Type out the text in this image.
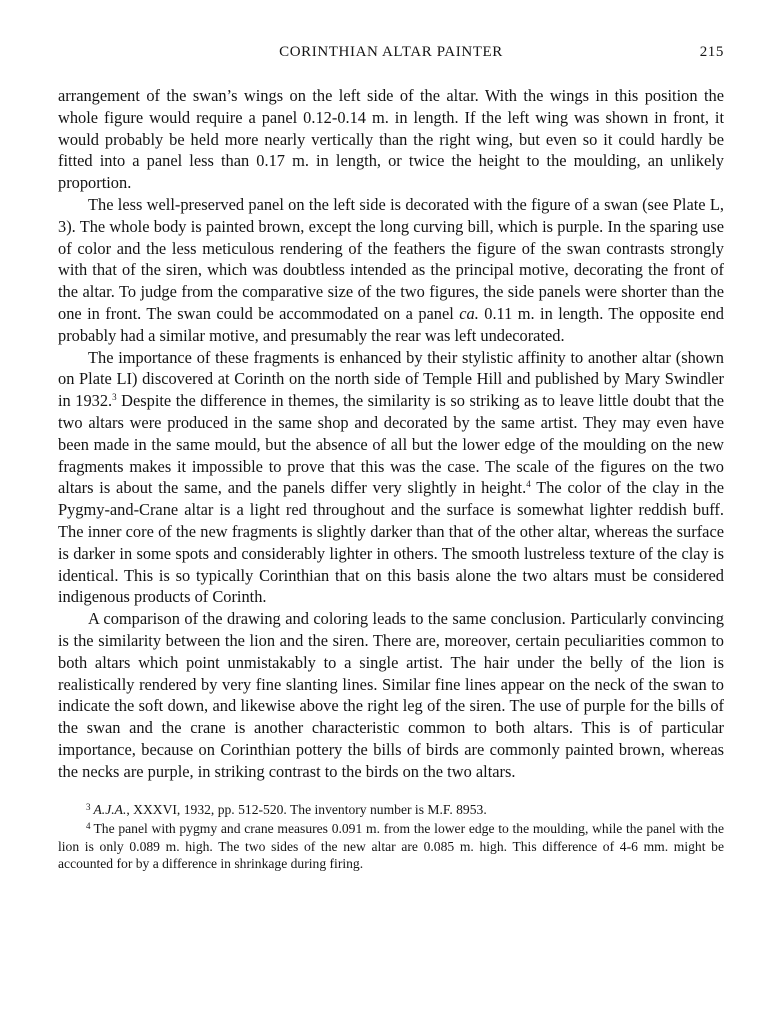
CORINTHIAN ALTAR PAINTER	215

arrangement of the swan’s wings on the left side of the altar. With the wings in this position the whole figure would require a panel 0.12-0.14 m. in length. If the left wing was shown in front, it would probably be held more nearly vertically than the right wing, but even so it could hardly be fitted into a panel less than 0.17 m. in length, or twice the height to the moulding, an unlikely proportion.

The less well-preserved panel on the left side is decorated with the figure of a swan (see Plate L, 3). The whole body is painted brown, except the long curving bill, which is purple. In the sparing use of color and the less meticulous rendering of the feathers the figure of the swan contrasts strongly with that of the siren, which was doubtless intended as the principal motive, decorating the front of the altar. To judge from the comparative size of the two figures, the side panels were shorter than the one in front. The swan could be accommodated on a panel ca. 0.11 m. in length. The opposite end probably had a similar motive, and presumably the rear was left undecorated.

The importance of these fragments is enhanced by their stylistic affinity to another altar (shown on Plate LI) discovered at Corinth on the north side of Temple Hill and published by Mary Swindler in 1932.$^3$ Despite the difference in themes, the similarity is so striking as to leave little doubt that the two altars were produced in the same shop and decorated by the same artist. They may even have been made in the same mould, but the absence of all but the lower edge of the moulding on the new fragments makes it impossible to prove that this was the case. The scale of the figures on the two altars is about the same, and the panels differ very slightly in height.$^4$ The color of the clay in the Pygmy-and-Crane altar is a light red throughout and the surface is somewhat lighter reddish buff. The inner core of the new fragments is slightly darker than that of the other altar, whereas the surface is darker in some spots and considerably lighter in others. The smooth lustreless texture of the clay is identical. This is so typically Corinthian that on this basis alone the two altars must be considered indigenous products of Corinth.

A comparison of the drawing and coloring leads to the same conclusion. Particularly convincing is the similarity between the lion and the siren. There are, moreover, certain peculiarities common to both altars which point unmistakably to a single artist. The hair under the belly of the lion is realistically rendered by very fine slanting lines. Similar fine lines appear on the neck of the swan to indicate the soft down, and likewise above the right leg of the siren. The use of purple for the bills of the swan and the crane is another characteristic common to both altars. This is of particular importance, because on Corinthian pottery the bills of birds are commonly painted brown, whereas the necks are purple, in striking contrast to the birds on the two altars.

$^3$ A.J.A., XXXVI, 1932, pp. 512-520. The inventory number is M.F. 8953.

$^4$ The panel with pygmy and crane measures 0.091 m. from the lower edge to the moulding, while the panel with the lion is only 0.089 m. high. The two sides of the new altar are 0.085 m. high. This difference of 4-6 mm. might be accounted for by a difference in shrinkage during firing.
